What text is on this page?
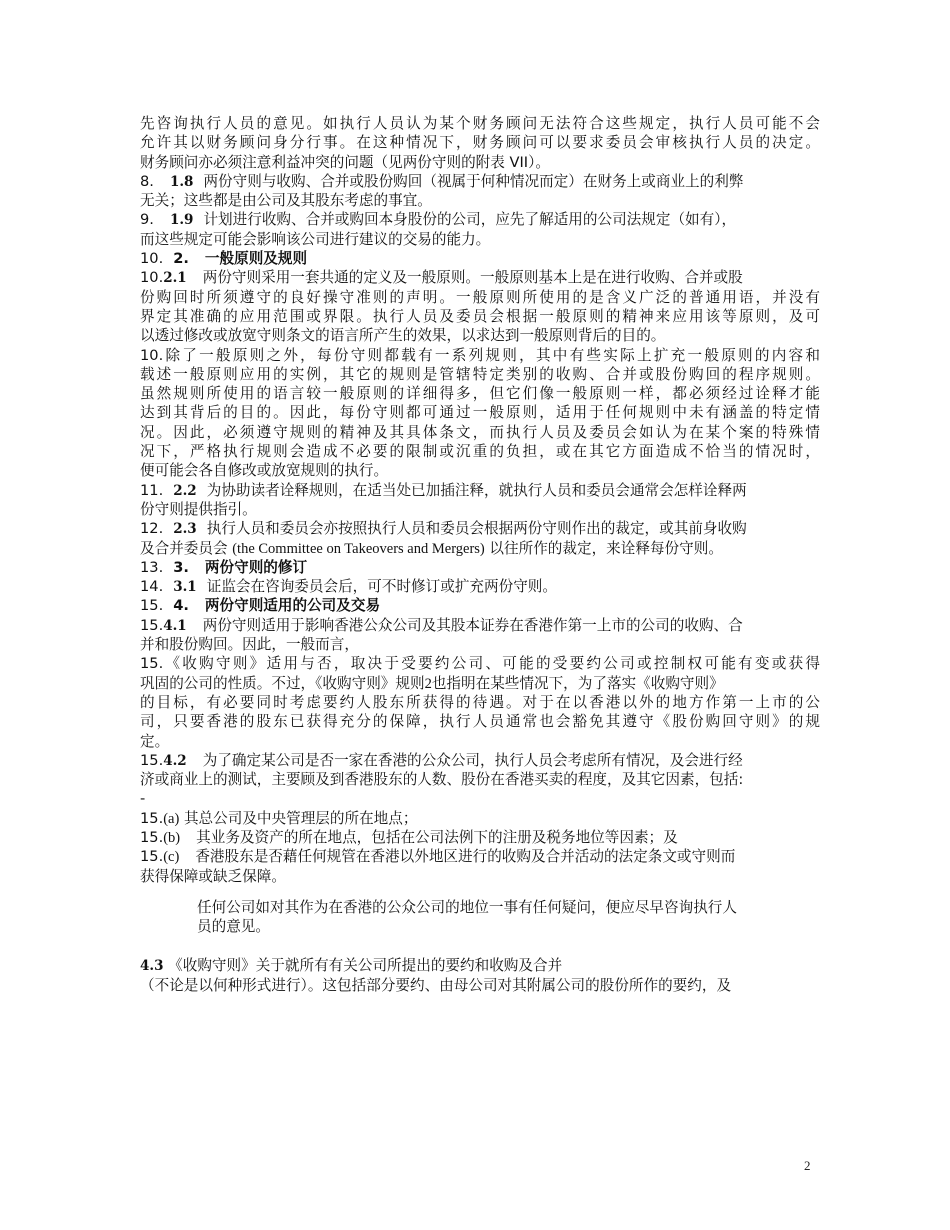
先咨询执行人员的意见。如执行人员认为某个财务顾问无法符合这些规定，执行人员可能不会
允许其以财务顾问身分行事。在这种情况下，财务顾问可以要求委员会审核执行人员的决定。
财务顾问亦必须注意利益冲突的问题（见两份守则的附表 VII）。
8. 1.8 两份守则与收购、合并或股份购回（视属于何种情况而定）在财务上或商业上的利弊
无关；这些都是由公司及其股东考虑的事宜。
9. 1.9 计划进行收购、合并或购回本身股份的公司，应先了解适用的公司法规定（如有），
而这些规定可能会影响该公司进行建议的交易的能力。
10. 2. 一般原则及规则
10.2.1 两份守则采用一套共通的定义及一般原则。一般原则基本上是在进行收购、合并或股
份购回时所须遵守的良好操守准则的声明。一般原则所使用的是含义广泛的普通用语，并没有
界定其准确的应用范围或界限。执行人员及委员会根据一般原则的精神来应用该等原则，及可
以透过修改或放宽守则条文的语言所产生的效果，以求达到一般原则背后的目的。
10.除了一般原则之外，每份守则都载有一系列规则，其中有些实际上扩充一般原则的内容和
载述一般原则应用的实例，其它的规则是管辖特定类别的收购、合并或股份购回的程序规则。
虽然规则所使用的语言较一般原则的详细得多，但它们像一般原则一样，都必须经过诠释才能
达到其背后的目的。因此，每份守则都可通过一般原则，适用于任何规则中未有涵盖的特定情
况。因此，必须遵守规则的精神及其具体条文，而执行人员及委员会如认为在某个案的特殊情
况下，严格执行规则会造成不必要的限制或沉重的负担，或在其它方面造成不恰当的情况时，
便可能会各自修改或放宽规则的执行。
11. 2.2 为协助读者诠释规则，在适当处已加插注释，就执行人员和委员会通常会怎样诠释两
份守则提供指引。
12. 2.3 执行人员和委员会亦按照执行人员和委员会根据两份守则作出的裁定，或其前身收购
及合并委员会 (the Committee on Takeovers and Mergers) 以往所作的裁定，来诠释每份守则。
13. 3. 两份守则的修订
14. 3.1 证监会在咨询委员会后，可不时修订或扩充两份守则。
15. 4. 两份守则适用的公司及交易
15.4.1 两份守则适用于影响香港公众公司及其股本证券在香港作第一上市的公司的收购、合
并和股份购回。因此，一般而言，
15.《收购守则》适用与否，取决于受要约公司、可能的受要约公司或控制权可能有变或获得
巩固的公司的性质。不过，《收购守则》规则2也指明在某些情况下，为了落实《收购守则》
的目标，有必要同时考虑要约人股东所获得的待遇。对于在以香港以外的地方作第一上市的公
司，只要香港的股东已获得充分的保障，执行人员通常也会豁免其遵守《股份购回守则》的规
定。
15.4.2 为了确定某公司是否一家在香港的公众公司，执行人员会考虑所有情况，及会进行经
济或商业上的测试，主要顾及到香港股东的人数、股份在香港买卖的程度，及其它因素，包括:
-
15.(a) 其总公司及中央管理层的所在地点；
15.(b) 其业务及资产的所在地点，包括在公司法例下的注册及税务地位等因素；及
15.(c) 香港股东是否藉任何规管在香港以外地区进行的收购及合并活动的法定条文或守则而
获得保障或缺乏保障。
任何公司如对其作为在香港的公众公司的地位一事有任何疑问，便应尽早咨询执行人
员的意见。
4.3 《收购守则》关于就所有有关公司所提出的要约和收购及合并
（不论是以何种形式进行）。这包括部分要约、由母公司对其附属公司的股份所作的要约，及
2
